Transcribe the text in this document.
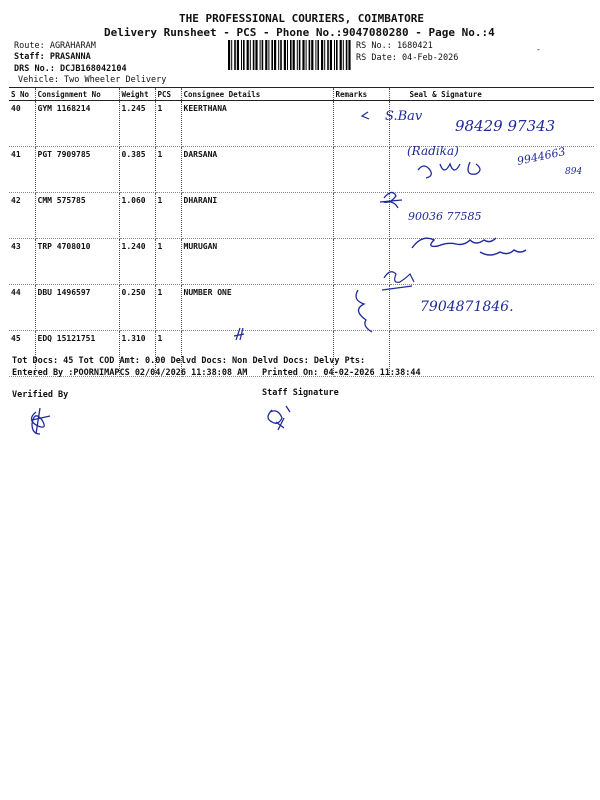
THE PROFESSIONAL COURIERS, COIMBATORE
Delivery Runsheet - PCS - Phone No.:9047080280 - Page No.:4
Route: AGRAHARAM
Staff: PRASANNA
DRS No.: DCJB168042104
Vehicle: Two Wheeler Delivery
RS No.: 1680421
RS Date: 04-Feb-2026
S No	Consignment No	Weight	PCS	Consignee Details	Remarks	Seal & Signature
40	GYM 1168214	1.245	1	KEERTHANA		
41	PGT 7909785	0.385	1	DARSANA		
42	CMM 575785	1.060	1	DHARANI		
43	TRP 4708010	1.240	1	MURUGAN		
44	DBU 1496597	0.250	1	NUMBER ONE		
45	EDQ 15121751	1.310	1			
S.Bav
98429 97343
(Radika)	9944663
894
90036 77585
7904871846.
Tot Docs: 45 Tot COD Amt: 0.00 Delvd Docs: Non Delvd Docs: Delvy Pts:
Entered By :POORNIMAPCS 02/04/2026 11:38:08 AM Printed On: 04-02-2026 11:38:44
Verified By	Staff Signature
-
